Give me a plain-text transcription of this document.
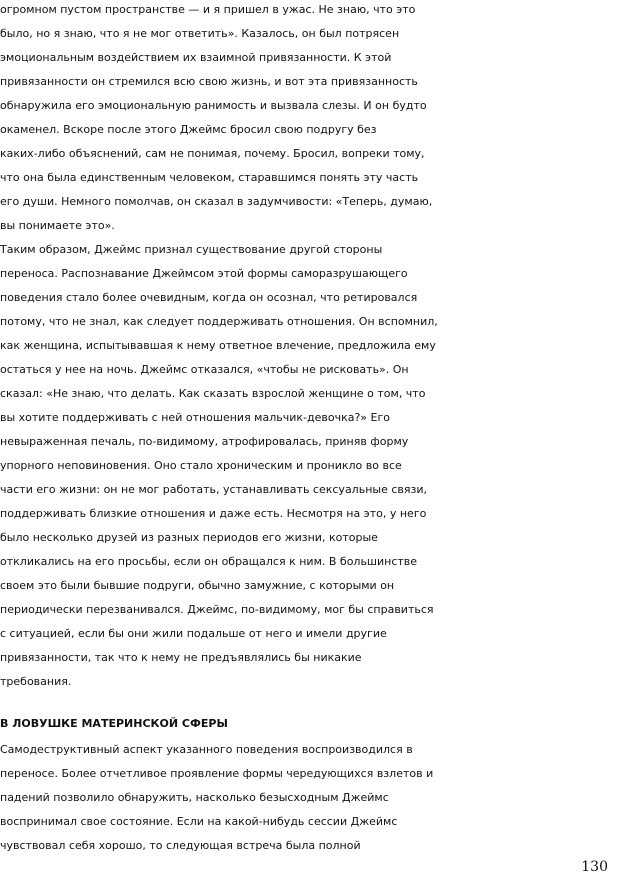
огромном пустом пространстве — и я пришел в ужас. Не знаю, что это
было, но я знаю, что я не мог ответить». Казалось, он был потрясен
эмоциональным воздействием их взаимной привязанности. К этой
привязанности он стремился всю свою жизнь, и вот эта привязанность
обнаружила его эмоциональную ранимость и вызвала слезы. И он будто
окаменел. Вскоре после этого Джеймс бросил свою подругу без
каких-либо объяснений, сам не понимая, почему. Бросил, вопреки тому,
что она была единственным человеком, старавшимся понять эту часть
его души. Немного помолчав, он сказал в задумчивости: «Теперь, думаю,
вы понимаете это».
Таким образом, Джеймс признал существование другой стороны
переноса. Распознавание Джеймсом этой формы саморазрушающего
поведения стало более очевидным, когда он осознал, что ретировался
потому, что не знал, как следует поддерживать отношения. Он вспомнил,
как женщина, испытывавшая к нему ответное влечение, предложила ему
остаться у нее на ночь. Джеймс отказался, «чтобы не рисковать». Он
сказал: «Не знаю, что делать. Как сказать взрослой женщине о том, что
вы хотите поддерживать с ней отношения мальчик-девочка?» Его
невыраженная печаль, по-видимому, атрофировалась, приняв форму
упорного неповиновения. Оно стало хроническим и проникло во все
части его жизни: он не мог работать, устанавливать сексуальные связи,
поддерживать близкие отношения и даже есть. Несмотря на это, у него
было несколько друзей из разных периодов его жизни, которые
откликались на его просьбы, если он обращался к ним. В большинстве
своем это были бывшие подруги, обычно замужние, с которыми он
периодически перезванивался. Джеймс, по-видимому, мог бы справиться
с ситуацией, если бы они жили подальше от него и имели другие
привязанности, так что к нему не предъявлялись бы никакие
требования.
В ЛОВУШКЕ МАТЕРИНСКОЙ СФЕРЫ
Самодеструктивный аспект указанного поведения воспроизводился в
переносе. Более отчетливое проявление формы чередующихся взлетов и
падений позволило обнаружить, насколько безысходным Джеймс
воспринимал свое состояние. Если на какой-нибудь сессии Джеймс
чувствовал себя хорошо, то следующая встреча была полной
130
